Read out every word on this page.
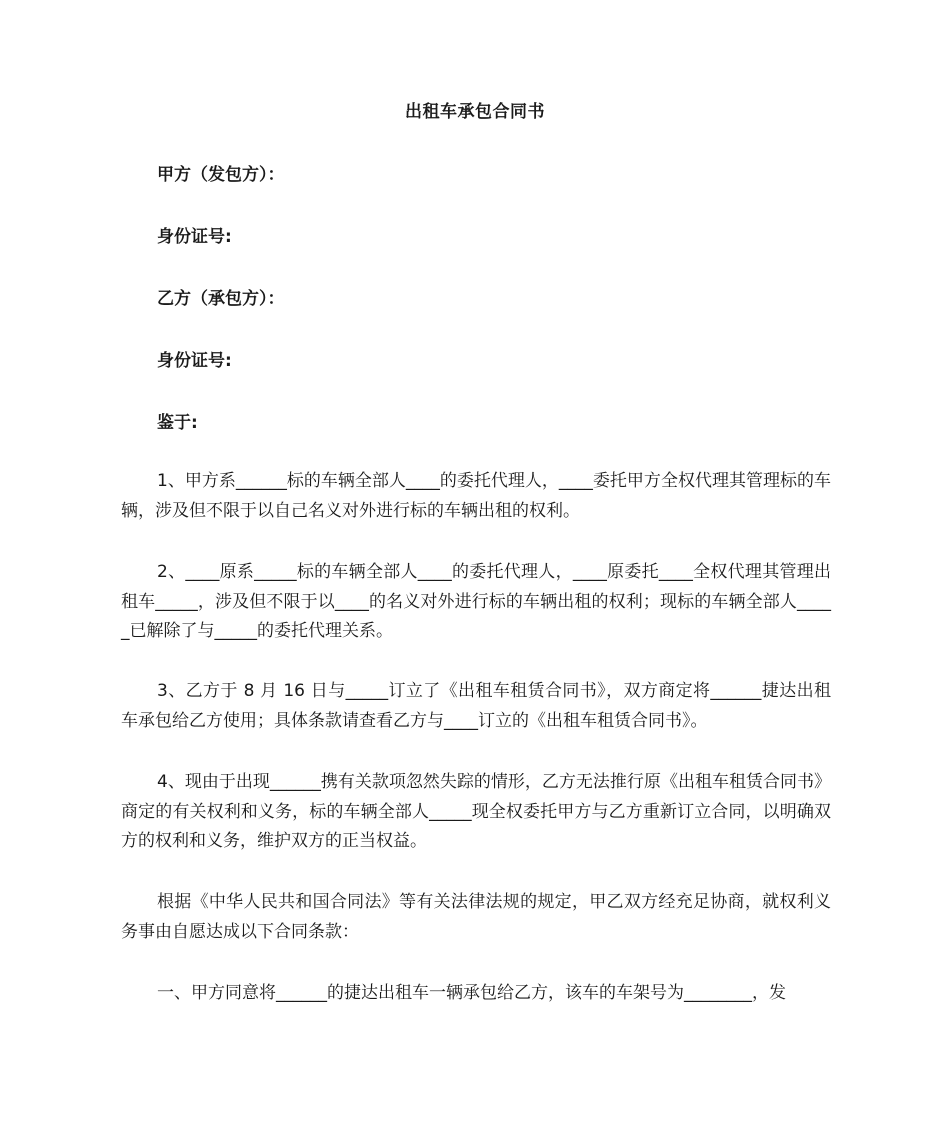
出租车承包合同书
甲方（发包方）：
身份证号:
乙方（承包方）：
身份证号:
鉴于:

1、甲方系______标的车辆全部人____的委托代理人，____委托甲方全权代理其管理标的车辆，涉及但不限于以自己名义对外进行标的车辆出租的权利。

2、____原系_____标的车辆全部人____的委托代理人，____原委托____全权代理其管理出租车_____，涉及但不限于以____的名义对外进行标的车辆出租的权利；现标的车辆全部人_____已解除了与_____的委托代理关系。

3、乙方于 8 月 16 日与_____订立了《出租车租赁合同书》，双方商定将______捷达出租车承包给乙方使用；具体条款请查看乙方与____订立的《出租车租赁合同书》。

4、现由于出现______携有关款项忽然失踪的情形，乙方无法推行原《出租车租赁合同书》商定的有关权利和义务，标的车辆全部人_____现全权委托甲方与乙方重新订立合同，以明确双方的权利和义务，维护双方的正当权益。

根据《中华人民共和国合同法》等有关法律法规的规定，甲乙双方经充足协商，就权利义务事由自愿达成以下合同条款：

一、甲方同意将______的捷达出租车一辆承包给乙方，该车的车架号为________，发
